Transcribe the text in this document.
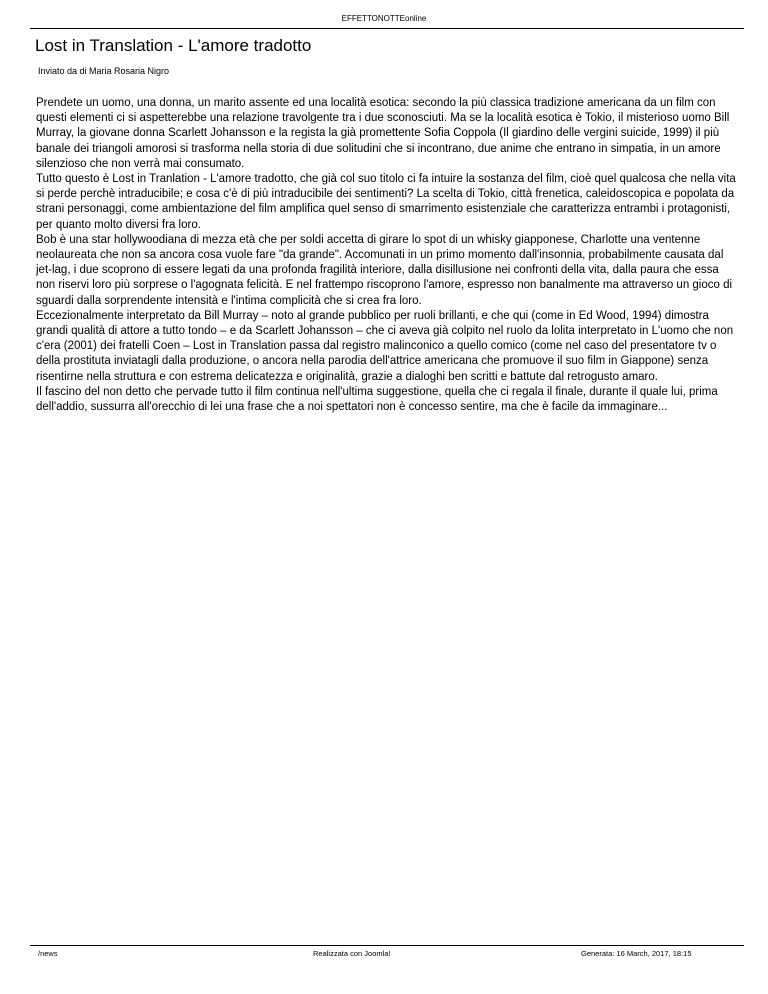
EFFETTONOTTEonline
Lost in Translation - L'amore tradotto
Inviato da di Maria Rosaria Nigro

Prendete un uomo, una donna, un marito assente ed una località esotica: secondo la più classica tradizione americana da un film con questi elementi ci si aspetterebbe una relazione travolgente tra i due sconosciuti. Ma se la località esotica è Tokio, il misterioso uomo Bill Murray, la giovane donna Scarlett Johansson e la regista la già promettente Sofia Coppola (Il giardino delle vergini suicide, 1999) il più banale dei triangoli amorosi si trasforma nella storia di due solitudini che si incontrano, due anime che entrano in simpatia, in un amore silenzioso che non verrà mai consumato.

Tutto questo è Lost in Tranlation - L'amore tradotto, che già col suo titolo ci fa intuire la sostanza del film, cioè quel qualcosa che nella vita si perde perchè intraducibile; e cosa c'è di più intraducibile dei sentimenti? La scelta di Tokio, città frenetica, caleidoscopica e popolata da strani personaggi, come ambientazione del film amplifica quel senso di smarrimento esistenziale che caratterizza entrambi i protagonisti, per quanto molto diversi fra loro.

Bob è una star hollywoodiana di mezza età che per soldi accetta di girare lo spot di un whisky giapponese, Charlotte una ventenne neolaureata che non sa ancora cosa vuole fare "da grande". Accomunati in un primo momento dall'insonnia, probabilmente causata dal jet-lag, i due scoprono di essere legati da una profonda fragilità interiore, dalla disillusione nei confronti della vita, dalla paura che essa non riservi loro più sorprese o l'agognata felicità. E nel frattempo riscoprono l'amore, espresso non banalmente ma attraverso un gioco di sguardi dalla sorprendente intensità e l'intima complicità che si crea fra loro.

Eccezionalmente interpretato da Bill Murray – noto al grande pubblico per ruoli brillanti, e che qui (come in Ed Wood, 1994) dimostra grandi qualità di attore a tutto tondo – e da Scarlett Johansson – che ci aveva già colpito nel ruolo da lolita interpretato in L'uomo che non c'era (2001) dei fratelli Coen – Lost in Translation passa dal registro malinconico a quello comico (come nel caso del presentatore tv o della prostituta inviatagli dalla produzione, o ancora nella parodia dell'attrice americana che promuove il suo film in Giappone) senza risentirne nella struttura e con estrema delicatezza e originalità, grazie a dialoghi ben scritti e battute dal retrogusto amaro.

Il fascino del non detto che pervade tutto il film continua nell'ultima suggestione, quella che ci regala il finale, durante il quale lui, prima dell'addio, sussurra all'orecchio di lei una frase che a noi spettatori non è concesso sentire, ma che è facile da immaginare...

/news	Realizzata con Joomla!	Generata: 16 March, 2017, 18:15
